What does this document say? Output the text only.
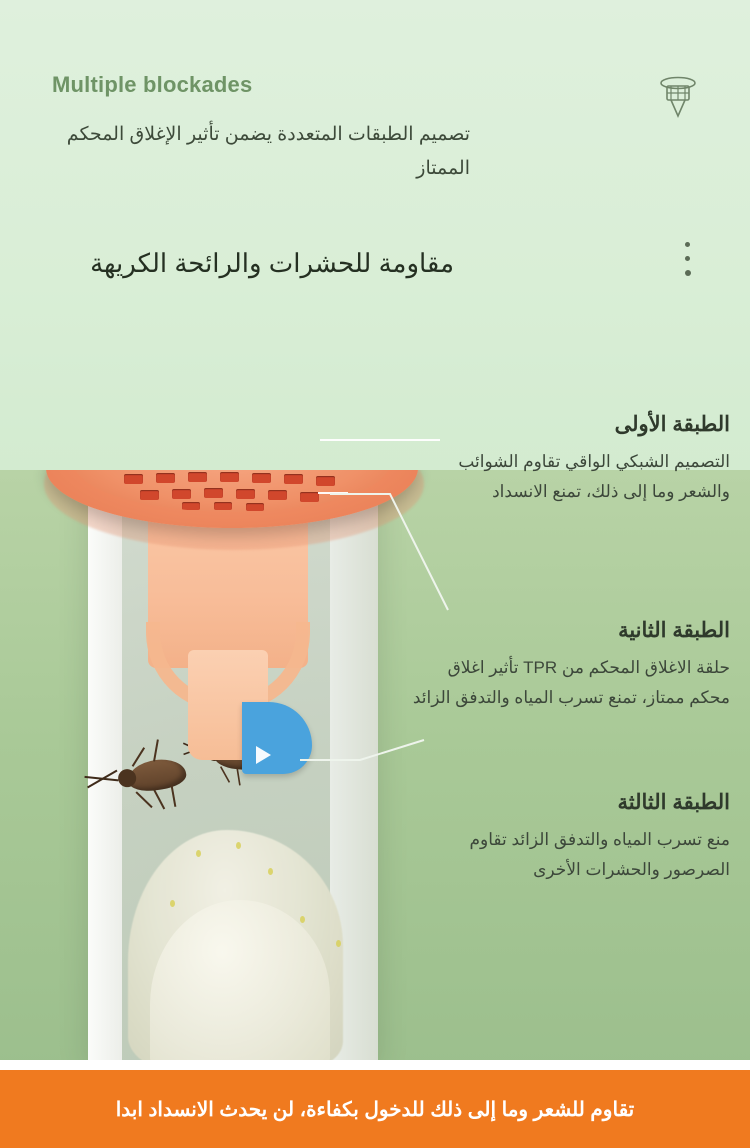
Multiple blockades
تصميم الطبقات المتعددة يضمن تأثير الإغلاق المحكم الممتاز
مقاومة للحشرات والرائحة الكريهة
الطبقة الأولى
التصميم الشبكي الواقي تقاوم الشوائب والشعر وما إلى ذلك، تمنع الانسداد
الطبقة الثانية
حلقة الاغلاق المحكم من TPR تأثير اغلاق محكم ممتاز، تمنع تسرب المياه والتدفق الزائد
الطبقة الثالثة
منع تسرب المياه والتدفق الزائد تقاوم الصرصور والحشرات الأخرى
تقاوم للشعر وما إلى ذلك للدخول بكفاءة، لن يحدث الانسداد ابدا
